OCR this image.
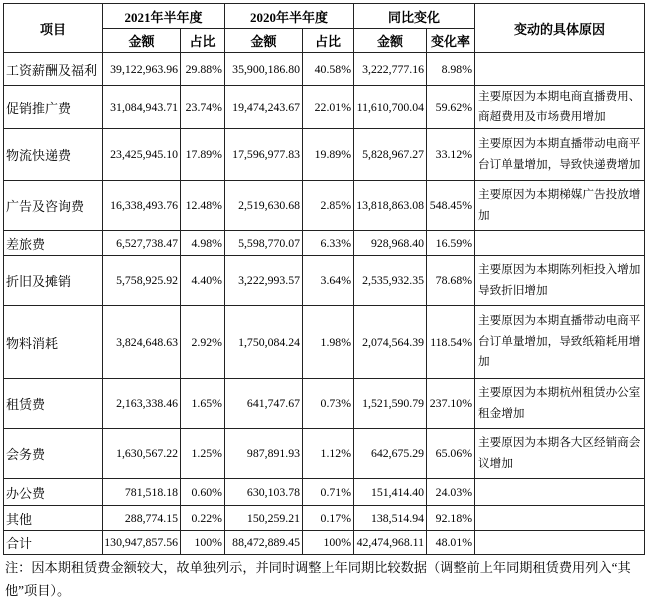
项目	2021年半年度		2020年半年度		同比变化		变动的具体原因
	金额	占比	金额	占比	金额	变化率	
工资薪酬及福利	39,122,963.96	29.88%	35,900,186.80	40.58%	3,222,777.16	8.98%	
促销推广费	31,084,943.71	23.74%	19,474,243.67	22.01%	11,610,700.04	59.62%	主要原因为本期电商直播费用、商超费用及市场费用增加
物流快递费	23,425,945.10	17.89%	17,596,977.83	19.89%	5,828,967.27	33.12%	主要原因为本期直播带动电商平台订单量增加，导致快递费增加
广告及咨询费	16,338,493.76	12.48%	2,519,630.68	2.85%	13,818,863.08	548.45%	主要原因为本期梯媒广告投放增加
差旅费	6,527,738.47	4.98%	5,598,770.07	6.33%	928,968.40	16.59%	
折旧及摊销	5,758,925.92	4.40%	3,222,993.57	3.64%	2,535,932.35	78.68%	主要原因为本期陈列柜投入增加导致折旧增加
物料消耗	3,824,648.63	2.92%	1,750,084.24	1.98%	2,074,564.39	118.54%	主要原因为本期直播带动电商平台订单量增加，导致纸箱耗用增加
租赁费	2,163,338.46	1.65%	641,747.67	0.73%	1,521,590.79	237.10%	主要原因为本期杭州租赁办公室租金增加
会务费	1,630,567.22	1.25%	987,891.93	1.12%	642,675.29	65.06%	主要原因为本期各大区经销商会议增加
办公费	781,518.18	0.60%	630,103.78	0.71%	151,414.40	24.03%	
其他	288,774.15	0.22%	150,259.21	0.17%	138,514.94	92.18%	
合计	130,947,857.56	100%	88,472,889.45	100%	42,474,968.11	48.01%	

注：因本期租赁费金额较大，故单独列示，并同时调整上年同期比较数据（调整前上年同期租赁费用列入“其他”项目）。
